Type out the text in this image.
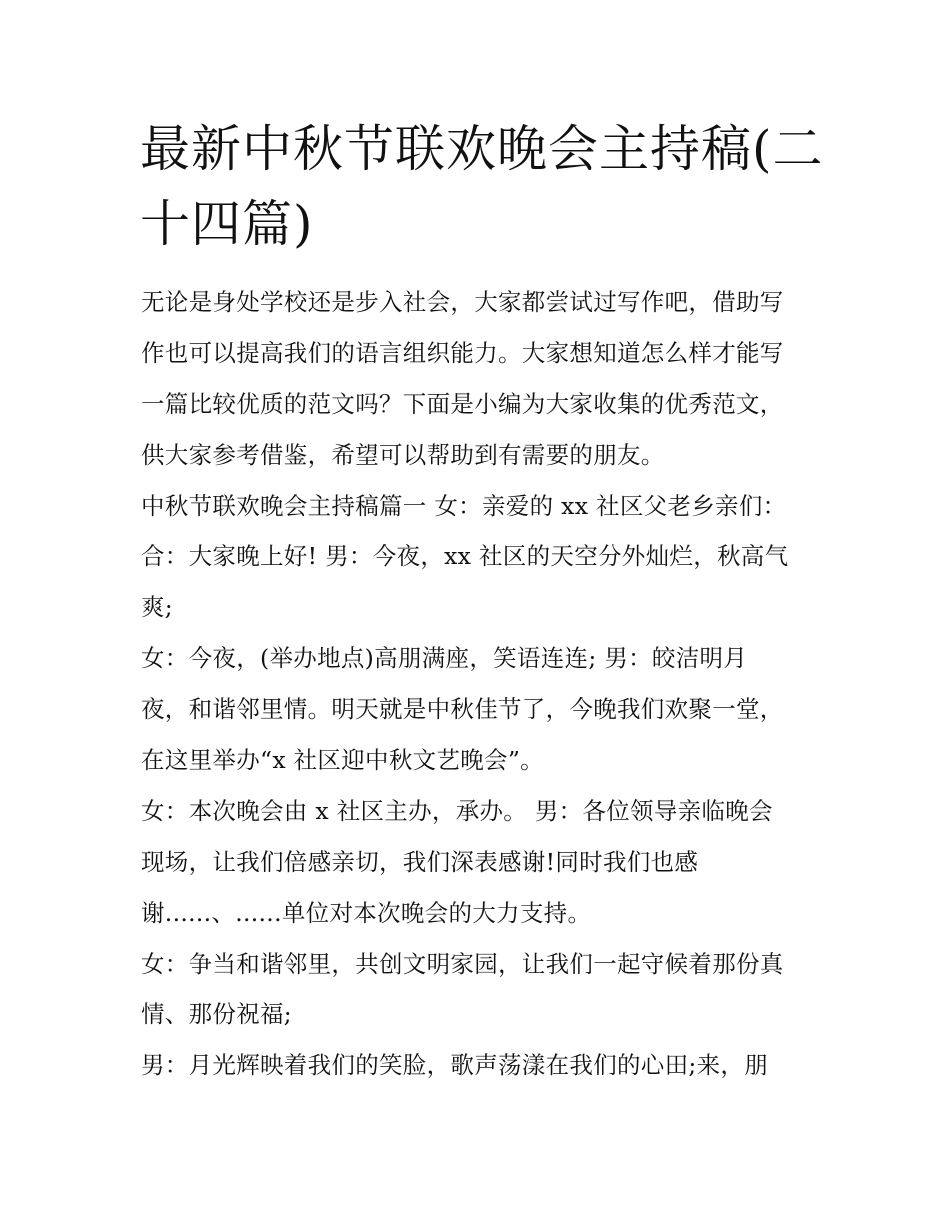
最新中秋节联欢晚会主持稿(二
十四篇)
无论是身处学校还是步入社会，大家都尝试过写作吧，借助写
作也可以提高我们的语言组织能力。大家想知道怎么样才能写
一篇比较优质的范文吗？下面是小编为大家收集的优秀范文，
供大家参考借鉴，希望可以帮助到有需要的朋友。
中秋节联欢晚会主持稿篇一 女：亲爱的 xx 社区父老乡亲们：
合：大家晚上好! 男：今夜，xx 社区的天空分外灿烂，秋高气
爽;
女：今夜，(举办地点)高朋满座，笑语连连; 男：皎洁明月
夜，和谐邻里情。明天就是中秋佳节了，今晚我们欢聚一堂，
在这里举办“x 社区迎中秋文艺晚会”。
女：本次晚会由 x 社区主办，承办。 男：各位领导亲临晚会
现场，让我们倍感亲切，我们深表感谢!同时我们也感
谢......、......单位对本次晚会的大力支持。
女：争当和谐邻里，共创文明家园，让我们一起守候着那份真
情、那份祝福;
男：月光辉映着我们的笑脸，歌声荡漾在我们的心田;来，朋
